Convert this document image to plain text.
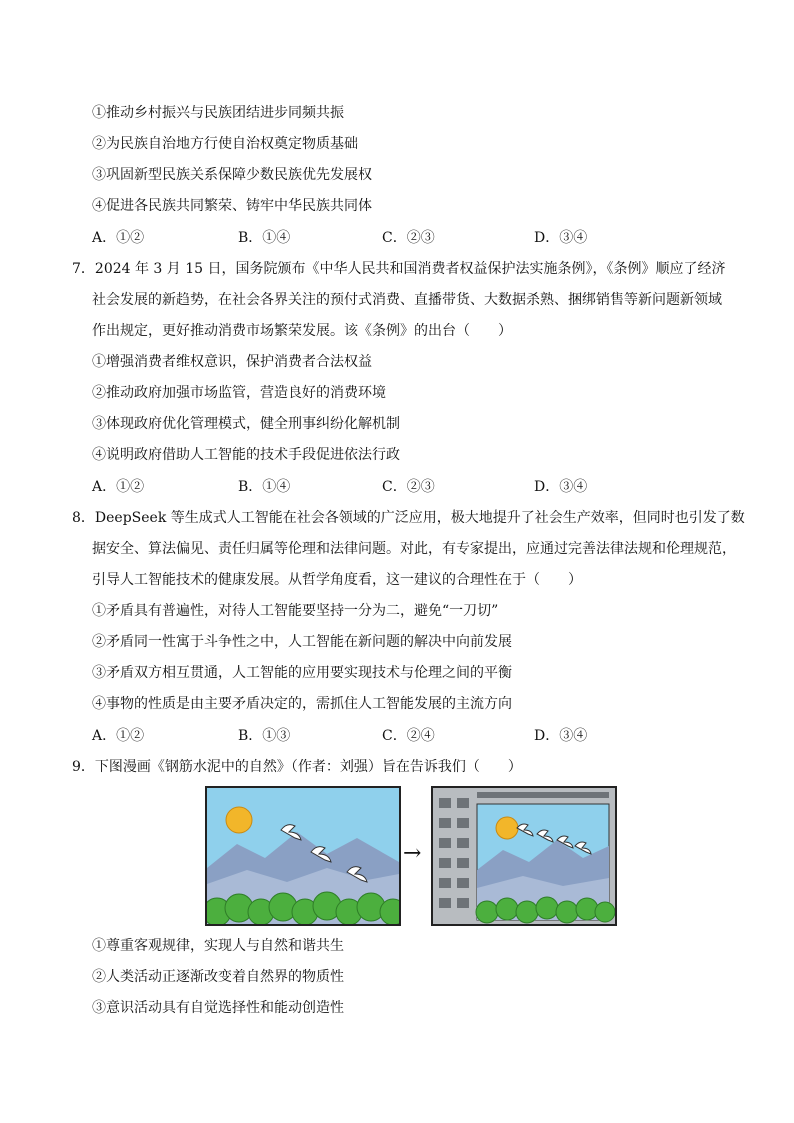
①推动乡村振兴与民族团结进步同频共振
②为民族自治地方行使自治权奠定物质基础
③巩固新型民族关系保障少数民族优先发展权
④促进各民族共同繁荣、铸牢中华民族共同体
A．①②	B．①④	C．②③	D．③④
7．2024 年 3 月 15 日，国务院颁布《中华人民共和国消费者权益保护法实施条例》，《条例》顺应了经济
社会发展的新趋势，在社会各界关注的预付式消费、直播带货、大数据杀熟、捆绑销售等新问题新领域
作出规定，更好推动消费市场繁荣发展。该《条例》的出台（　　）
①增强消费者维权意识，保护消费者合法权益
②推动政府加强市场监管，营造良好的消费环境
③体现政府优化管理模式，健全刑事纠纷化解机制
④说明政府借助人工智能的技术手段促进依法行政
A．①②	B．①④	C．②③	D．③④
8．DeepSeek 等生成式人工智能在社会各领域的广泛应用，极大地提升了社会生产效率，但同时也引发了数
据安全、算法偏见、责任归属等伦理和法律问题。对此，有专家提出，应通过完善法律法规和伦理规范，
引导人工智能技术的健康发展。从哲学角度看，这一建议的合理性在于（　　）
①矛盾具有普遍性，对待人工智能要坚持一分为二，避免“一刀切”
②矛盾同一性寓于斗争性之中，人工智能在新问题的解决中向前发展
③矛盾双方相互贯通，人工智能的应用要实现技术与伦理之间的平衡
④事物的性质是由主要矛盾决定的，需抓住人工智能发展的主流方向
A．①②	B．①③	C．②④	D．③④
9．下图漫画《钢筋水泥中的自然》（作者：刘强）旨在告诉我们（　　）
→
①尊重客观规律，实现人与自然和谐共生
②人类活动正逐渐改变着自然界的物质性
③意识活动具有自觉选择性和能动创造性
